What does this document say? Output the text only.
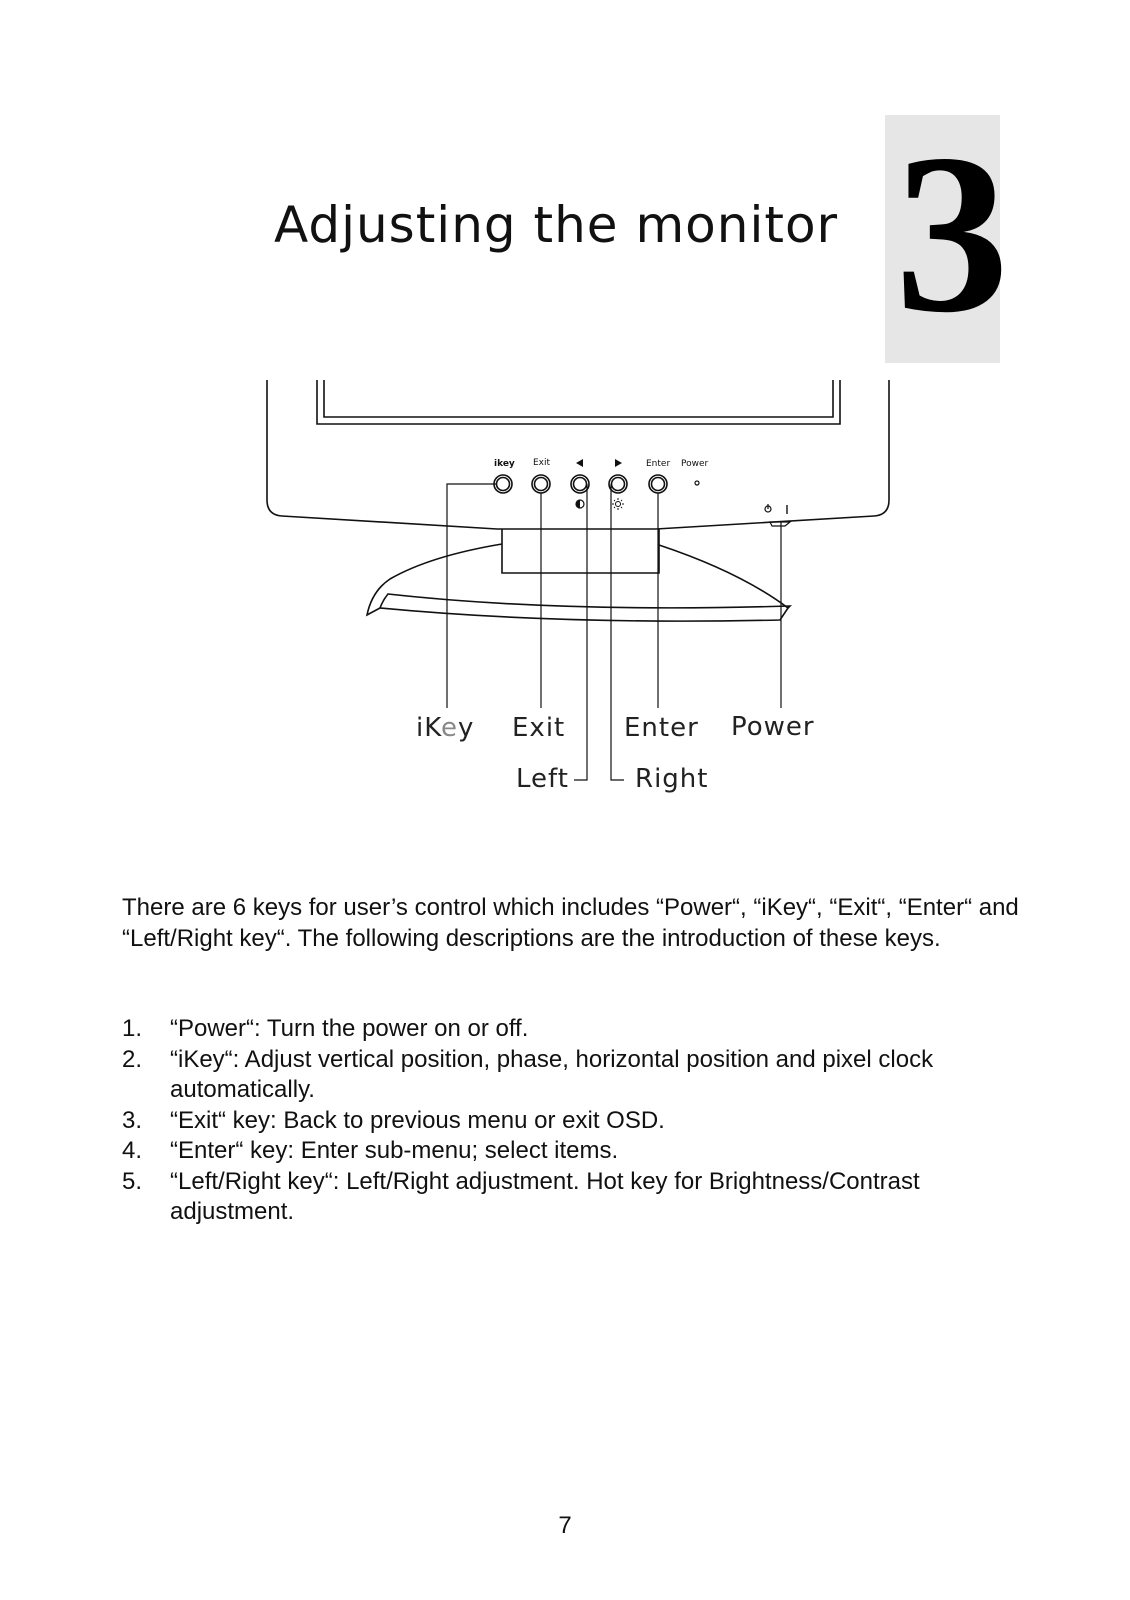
Adjusting the monitor 3
ikey Exit	Enter Power
iKey Exit Enter Power
Left	Right

There are 6 keys for user’s control which includes “Power“, “iKey“, “Exit“, “Enter“ and “Left/Right key“. The following descriptions are the introduction of these keys.

1. “Power“: Turn the power on or off.
2. “iKey“: Adjust vertical position, phase, horizontal position and pixel clock automatically.
3. “Exit“ key: Back to previous menu or exit OSD.
4. “Enter“ key: Enter sub-menu; select items.
5. “Left/Right key“: Left/Right adjustment. Hot key for Brightness/Contrast adjustment.
7
